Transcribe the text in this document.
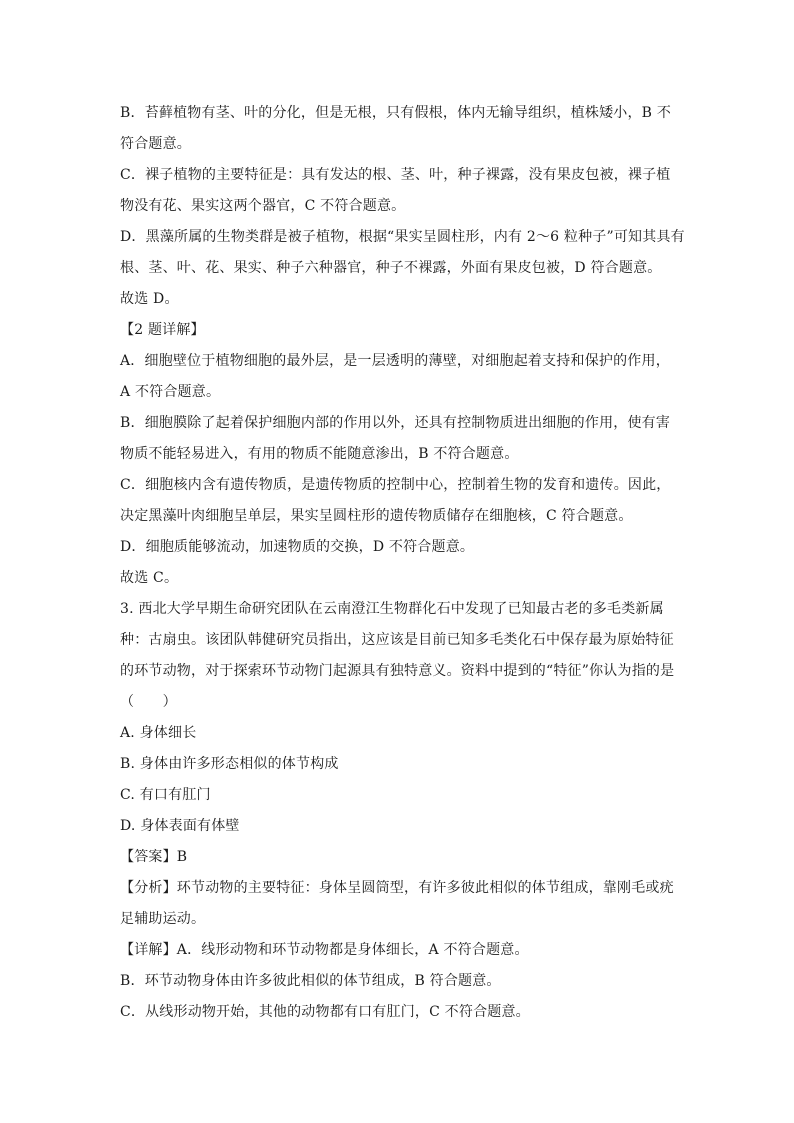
B．苔藓植物有茎、叶的分化，但是无根，只有假根，体内无输导组织，植株矮小，B 不
符合题意。
C．裸子植物的主要特征是：具有发达的根、茎、叶，种子裸露，没有果皮包被，裸子植
物没有花、果实这两个器官，C 不符合题意。
D．黑藻所属的生物类群是被子植物，根据“果实呈圆柱形，内有 2～6 粒种子”可知其具有
根、茎、叶、花、果实、种子六种器官，种子不裸露，外面有果皮包被，D 符合题意。
故选 D。
【2 题详解】
A．细胞壁位于植物细胞的最外层，是一层透明的薄壁，对细胞起着支持和保护的作用，
A 不符合题意。
B．细胞膜除了起着保护细胞内部的作用以外，还具有控制物质进出细胞的作用，使有害
物质不能轻易进入，有用的物质不能随意渗出，B 不符合题意。
C．细胞核内含有遗传物质，是遗传物质的控制中心，控制着生物的发育和遗传。因此，
决定黑藻叶肉细胞呈单层，果实呈圆柱形的遗传物质储存在细胞核，C 符合题意。
D．细胞质能够流动，加速物质的交换，D 不符合题意。
故选 C。
3. 西北大学早期生命研究团队在云南澄江生物群化石中发现了已知最古老的多毛类新属
种：古扇虫。该团队韩健研究员指出，这应该是目前已知多毛类化石中保存最为原始特征
的环节动物，对于探索环节动物门起源具有独特意义。资料中提到的“特征”你认为指的是
（　　）
A. 身体细长
B. 身体由许多形态相似的体节构成
C. 有口有肛门
D. 身体表面有体壁
【答案】B
【分析】环节动物的主要特征：身体呈圆筒型，有许多彼此相似的体节组成，靠刚毛或疣
足辅助运动。
【详解】A．线形动物和环节动物都是身体细长，A 不符合题意。
B．环节动物身体由许多彼此相似的体节组成，B 符合题意。
C．从线形动物开始，其他的动物都有口有肛门，C 不符合题意。
